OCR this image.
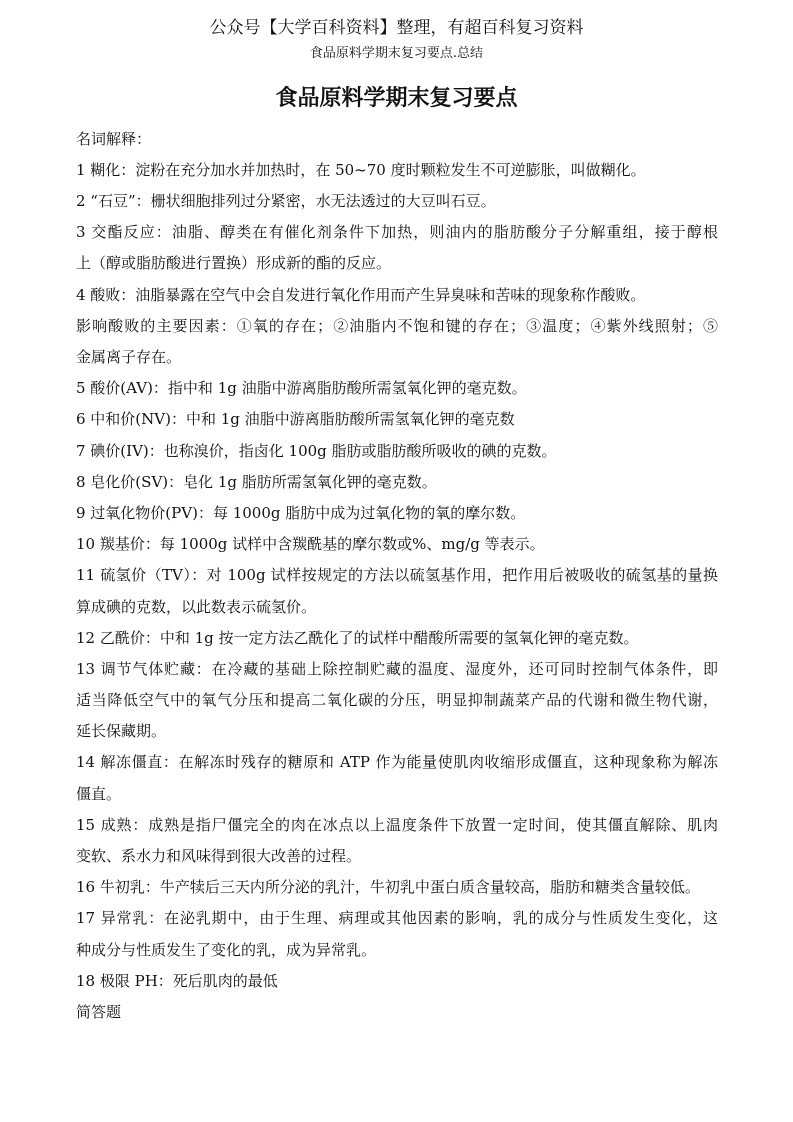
公众号【大学百科资料】整理，有超百科复习资料
食品原料学期末复习要点.总结
食品原料学期末复习要点
名词解释：
1 糊化：淀粉在充分加水并加热时，在 50~70 度时颗粒发生不可逆膨胀，叫做糊化。
2 “石豆”：栅状细胞排列过分紧密，水无法透过的大豆叫石豆。
3 交酯反应：油脂、醇类在有催化剂条件下加热，则油内的脂肪酸分子分解重组，接于醇根
上（醇或脂肪酸进行置换）形成新的酯的反应。
4 酸败：油脂暴露在空气中会自发进行氧化作用而产生异臭味和苦味的现象称作酸败。
影响酸败的主要因素：①氧的存在；②油脂内不饱和键的存在；③温度；④紫外线照射；⑤
金属离子存在。
5 酸价(AV)：指中和 1g 油脂中游离脂肪酸所需氢氧化钾的毫克数。
6 中和价(NV)：中和 1g 油脂中游离脂肪酸所需氢氧化钾的毫克数
7 碘价(IV)：也称溴价，指卤化 100g 脂肪或脂肪酸所吸收的碘的克数。
8 皂化价(SV)：皂化 1g 脂肪所需氢氧化钾的毫克数。
9 过氧化物价(PV)：每 1000g 脂肪中成为过氧化物的氧的摩尔数。
10 羰基价：每 1000g 试样中含羰酰基的摩尔数或%、mg/g 等表示。
11 硫氢价（TV）：对 100g 试样按规定的方法以硫氢基作用，把作用后被吸收的硫氢基的量换
算成碘的克数，以此数表示硫氢价。
12 乙酰价：中和 1g 按一定方法乙酰化了的试样中醋酸所需要的氢氧化钾的毫克数。
13 调节气体贮藏：在冷藏的基础上除控制贮藏的温度、湿度外，还可同时控制气体条件，即
适当降低空气中的氧气分压和提高二氧化碳的分压，明显抑制蔬菜产品的代谢和微生物代谢，
延长保藏期。
14 解冻僵直：在解冻时残存的糖原和 ATP 作为能量使肌肉收缩形成僵直，这种现象称为解冻
僵直。
15 成熟：成熟是指尸僵完全的肉在冰点以上温度条件下放置一定时间，使其僵直解除、肌肉
变软、系水力和风味得到很大改善的过程。
16 牛初乳：牛产犊后三天内所分泌的乳汁，牛初乳中蛋白质含量较高，脂肪和糖类含量较低。
17 异常乳：在泌乳期中，由于生理、病理或其他因素的影响，乳的成分与性质发生变化，这
种成分与性质发生了变化的乳，成为异常乳。
18 极限 PH：死后肌肉的最低
简答题
